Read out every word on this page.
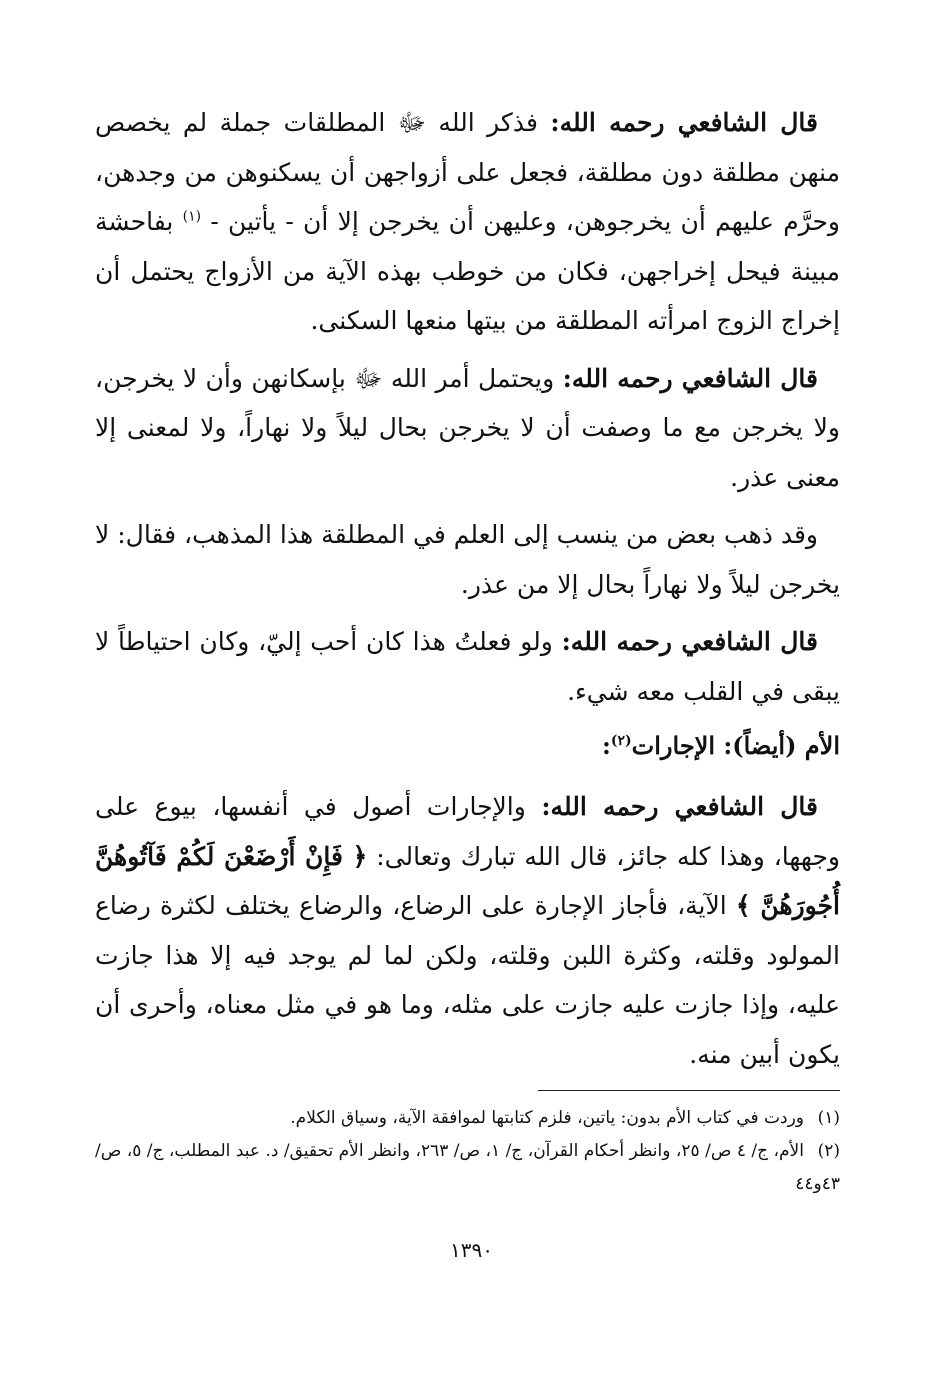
قال الشافعي رحمه الله: فذكر الله ﷻ المطلقات جملة لم يخصص منهن مطلقة دون مطلقة، فجعل على أزواجهن أن يسكنوهن من وجدهن، وحرَّم عليهم أن يخرجوهن، وعليهن أن يخرجن إلا أن - يأتين - $^{(١)}$ بفاحشة مبينة فيحل إخراجهن، فكان من خوطب بهذه الآية من الأزواج يحتمل أن إخراج الزوج امرأته المطلقة من بيتها منعها السكنى.

قال الشافعي رحمه الله: ويحتمل أمر الله ﷻ بإسكانهن وأن لا يخرجن، ولا يخرجن مع ما وصفت أن لا يخرجن بحال ليلاً ولا نهاراً، ولا لمعنى إلا معنى عذر.

وقد ذهب بعض من ينسب إلى العلم في المطلقة هذا المذهب، فقال: لا يخرجن ليلاً ولا نهاراً بحال إلا من عذر.

قال الشافعي رحمه الله: ولو فعلتُ هذا كان أحب إليّ، وكان احتياطاً لا يبقى في القلب معه شيء.

الأم (أيضاً): الإجارات$^{(٢)}$:

قال الشافعي رحمه الله: والإجارات أصول في أنفسها، بيوع على وجهها، وهذا كله جائز، قال الله تبارك وتعالى: ﴿ فَإِنْ أَرْضَعْنَ لَكُمْ فَآتُوهُنَّ أُجُورَهُنَّ ﴾ الآية، فأجاز الإجارة على الرضاع، والرضاع يختلف لكثرة رضاع المولود وقلته، وكثرة اللبن وقلته، ولكن لما لم يوجد فيه إلا هذا جازت عليه، وإذا جازت عليه جازت على مثله، وما هو في مثل معناه، وأحرى أن يكون أبين منه.

(١)وردت في كتاب الأم بدون: ياتين، فلزم كتابتها لموافقة الآية، وسياق الكلام.

(٢)الأم، ج/ ٤ ص/ ٢٥، وانظر أحكام القرآن، ج/ ١، ص/ ٢٦٣، وانظر الأم تحقيق/ د. عبد المطلب، ج/ ٥، ص/ ٤٣و٤٤

١٣٩٠
